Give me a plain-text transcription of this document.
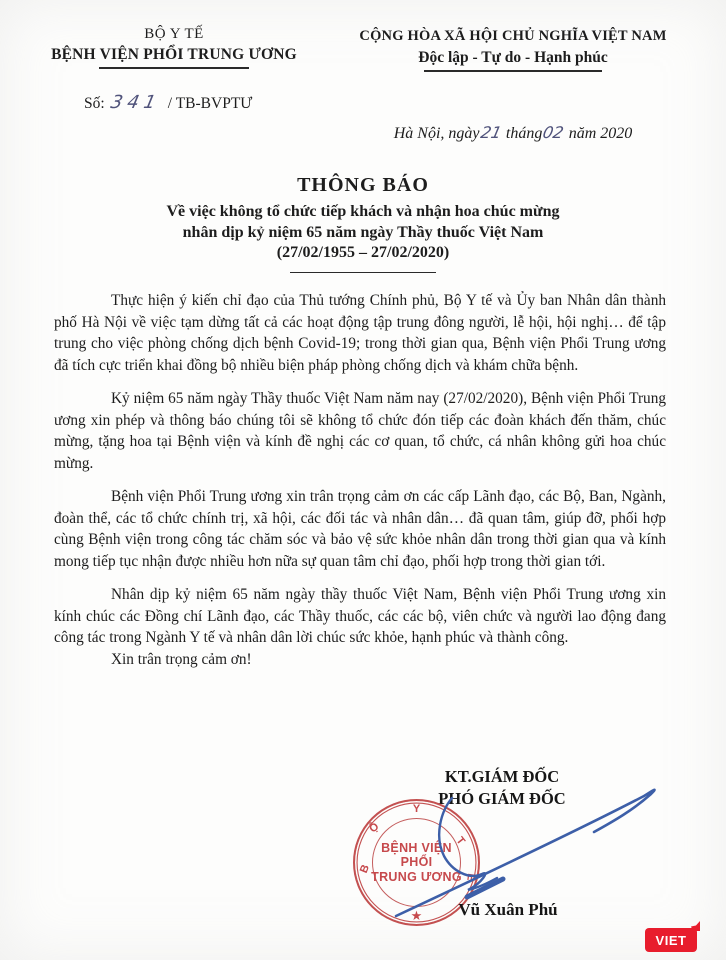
BỘ Y TẾ
BỆNH VIỆN PHỔI TRUNG ƯƠNG
Số: 341 / TB-BVPTƯ
CỘNG HÒA XÃ HỘI CHỦ NGHĨA VIỆT NAM
Độc lập - Tự do - Hạnh phúc
Hà Nội, ngày21 tháng02 năm 2020
THÔNG BÁO
Về việc không tổ chức tiếp khách và nhận hoa chúc mừng
nhân dịp kỷ niệm 65 năm ngày Thầy thuốc Việt Nam
(27/02/1955 – 27/02/2020)

Thực hiện ý kiến chỉ đạo của Thủ tướng Chính phủ, Bộ Y tế và Ủy ban Nhân dân thành phố Hà Nội về việc tạm dừng tất cả các hoạt động tập trung đông người, lễ hội, hội nghị… để tập trung cho việc phòng chống dịch bệnh Covid-19; trong thời gian qua, Bệnh viện Phổi Trung ương đã tích cực triển khai đồng bộ nhiều biện pháp phòng chống dịch và khám chữa bệnh.

Kỷ niệm 65 năm ngày Thầy thuốc Việt Nam năm nay (27/02/2020), Bệnh viện Phổi Trung ương xin phép và thông báo chúng tôi sẽ không tổ chức đón tiếp các đoàn khách đến thăm, chúc mừng, tặng hoa tại Bệnh viện và kính đề nghị các cơ quan, tổ chức, cá nhân không gửi hoa chúc mừng.

Bệnh viện Phổi Trung ương xin trân trọng cảm ơn các cấp Lãnh đạo, các Bộ, Ban, Ngành, đoàn thể, các tổ chức chính trị, xã hội, các đối tác và nhân dân… đã quan tâm, giúp đỡ, phối hợp cùng Bệnh viện trong công tác chăm sóc và bảo vệ sức khỏe nhân dân trong thời gian qua và kính mong tiếp tục nhận được nhiều hơn nữa sự quan tâm chỉ đạo, phối hợp trong thời gian tới.

Nhân dịp kỷ niệm 65 năm ngày thầy thuốc Việt Nam, Bệnh viện Phổi Trung ương xin kính chúc các Đồng chí Lãnh đạo, các Thầy thuốc, các các bộ, viên chức và người lao động đang công tác trong Ngành Y tế và nhân dân lời chúc sức khỏe, hạnh phúc và thành công.

Xin trân trọng cảm ơn!

KT.GIÁM ĐỐC
PHÓ GIÁM ĐỐC
B
Ộ
Y
T
Ế
BỆNH VIỆN
PHỔI
TRUNG ƯƠNG
★	Vũ Xuân Phú
VIET
